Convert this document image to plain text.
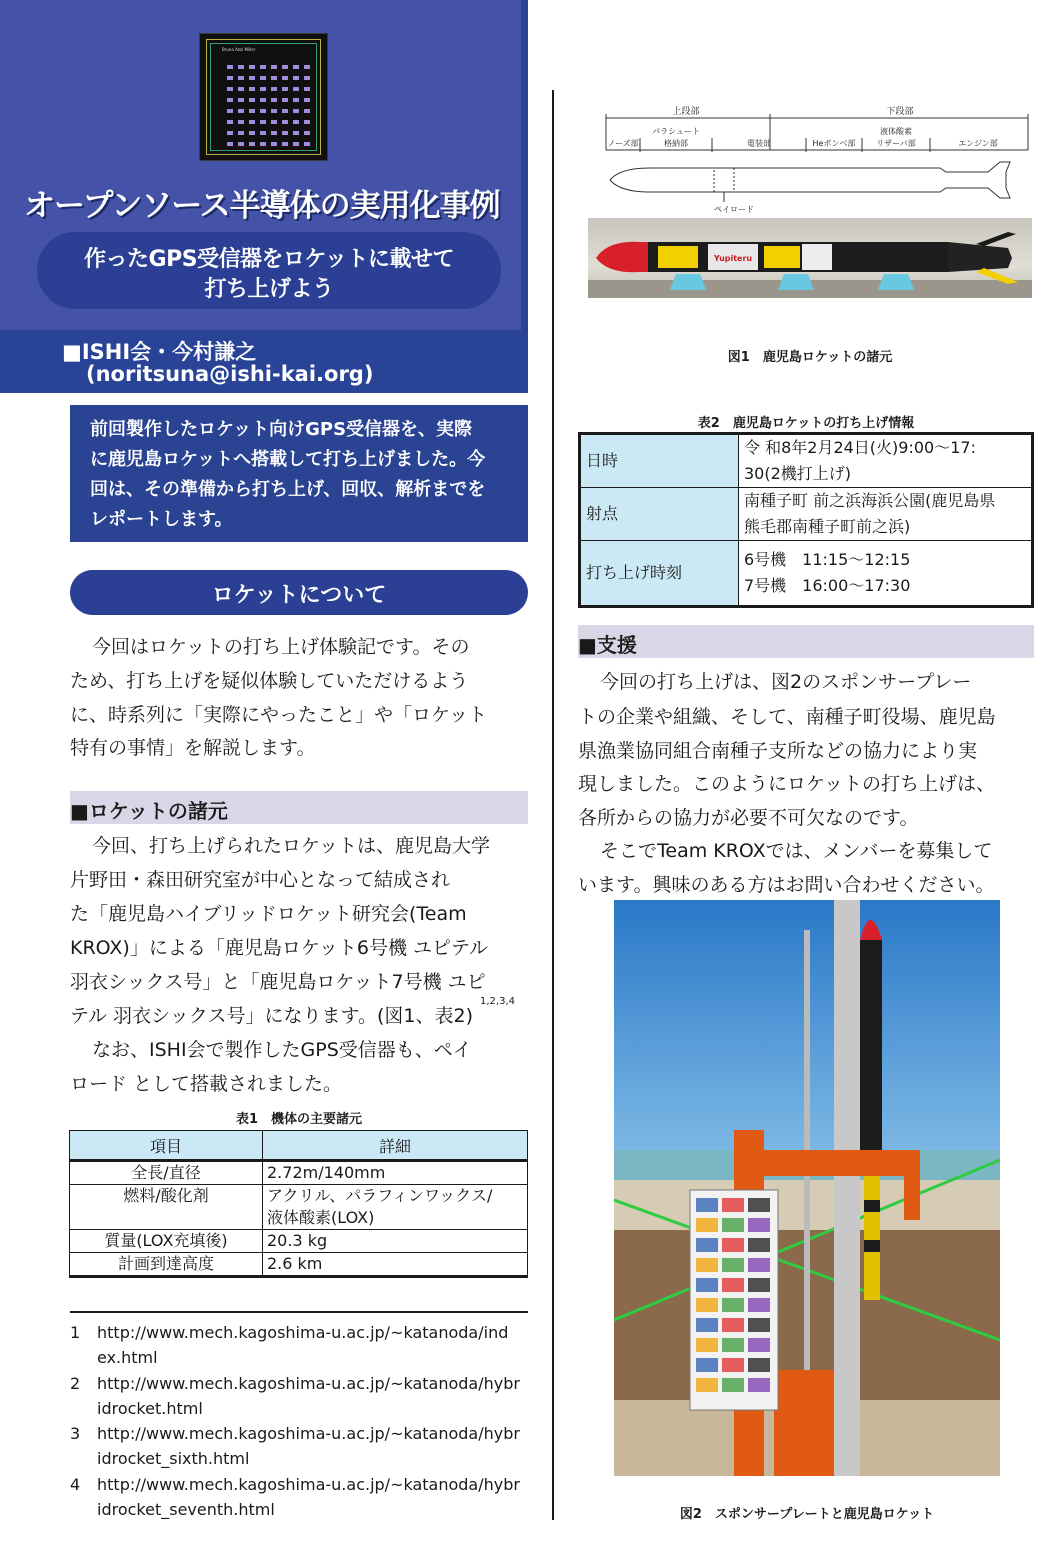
Bruno Azzi Miller
オープンソース半導体の実用化事例
作ったGPS受信器をロケットに載せて
打ち上げよう
■ISHI会・今村謙之
(noritsuna@ishi-kai.org)
前回製作したロケット向けGPS受信器を、実際
に鹿児島ロケットへ搭載して打ち上げました。今
回は、その準備から打ち上げ、回収、解析までを
レポートします。
ロケットについて
今回はロケットの打ち上げ体験記です。その
ため、打ち上げを疑似体験していただけるよう
に、時系列に「実際にやったこと」や「ロケット
特有の事情」を解説します。
■ロケットの諸元
今回、打ち上げられたロケットは、鹿児島大学
片野田・森田研究室が中心となって結成され
た「鹿児島ハイブリッドロケット研究会(Team
KROX)」による「鹿児島ロケット6号機 ユピテル
羽衣シックス号」と「鹿児島ロケット7号機 ユピ
テル 羽衣シックス号」になります。(図1、表2)
1,2,3,4
なお、ISHI会で製作したGPS受信器も、ペイ
ロード として搭載されました。
表1　機体の主要諸元
項目	詳細
全長/直径	2.72m/140mm
燃料/酸化剤	アクリル、パラフィンワックス/
液体酸素(LOX)

質量(LOX充填後)	20.3 kg
計画到達高度	2.6 km
1 http://www.mech.kagoshima-u.ac.jp/~katanoda/ind
ex.html
2 http://www.mech.kagoshima-u.ac.jp/~katanoda/hybr
idrocket.html
3 http://www.mech.kagoshima-u.ac.jp/~katanoda/hybr
idrocket_sixth.html
4 http://www.mech.kagoshima-u.ac.jp/~katanoda/hybr
idrocket_seventh.html
上段部	下段部
ノーズ部
パラシュート
格納部	電装部	Heボンベ部
液体酸素
リザーバ部	エンジン部
ペイロード
Yupiteru
図1　鹿児島ロケットの諸元
表2　鹿児島ロケットの打ち上げ情報
日時	令 和8年2月24日(火)9:00〜17:
30(2機打上げ)

射点	南種子町 前之浜海浜公園(鹿児島県
熊毛郡南種子町前之浜)

打ち上げ時刻	6号機　11:15〜12:15
7号機　16:00〜17:30
■支援
今回の打ち上げは、図2のスポンサープレー
トの企業や組織、そして、南種子町役場、鹿児島
県漁業協同組合南種子支所などの協力により実
現しました。このようにロケットの打ち上げは、
各所からの協力が必要不可欠なのです。
そこでTeam KROXでは、メンバーを募集して
います。興味のある方はお問い合わせください。
図2　スポンサープレートと鹿児島ロケット
